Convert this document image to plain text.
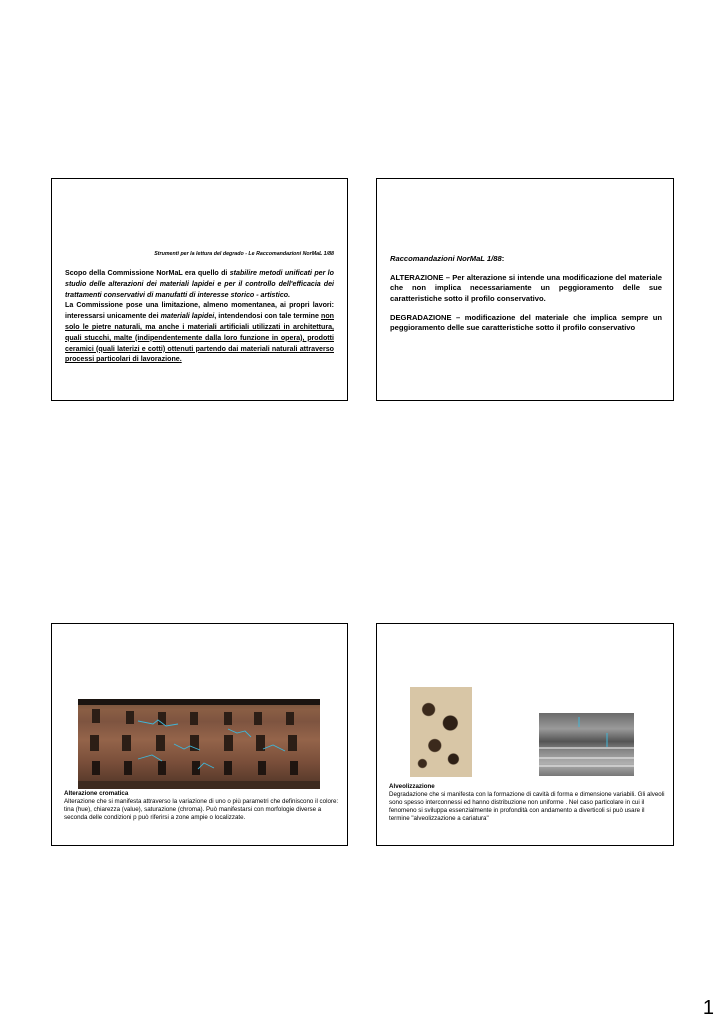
Strumenti per la lettura del degrado - Le Raccomandazioni NorMaL 1/88

Scopo della Commissione NorMaL era quello di stabilire metodi unificati per lo studio delle alterazioni dei materiali lapidei e per il controllo dell'efficacia dei trattamenti conservativi di manufatti di interesse storico - artistico.

La Commissione pose una limitazione, almeno momentanea, ai propri lavori: interessarsi unicamente dei materiali lapidei, intendendosi con tale termine non solo le pietre naturali, ma anche i materiali artificiali utilizzati in architettura, quali stucchi, malte (indipendentemente dalla loro funzione in opera), prodotti ceramici (quali laterizi e cotti) ottenuti partendo dai materiali naturali attraverso processi particolari di lavorazione.

Raccomandazioni NorMaL 1/88:

ALTERAZIONE – Per alterazione si intende una modificazione del materiale che non implica necessariamente un peggioramento delle sue caratteristiche sotto il profilo conservativo.

DEGRADAZIONE – modificazione del materiale che implica sempre un peggioramento delle sue caratteristiche sotto il profilo conservativo

Alterazione cromatica
Alterazione che si manifesta attraverso la variazione di uno o più parametri che definiscono il colore: tina (hue), chiarezza (value), saturazione (chroma). Può manifestarsi con morfologie diverse a seconda delle condizioni p può riferirsi a zone ampie o localizzate.
Alveolizzazione
Degradazione che si manifesta con la formazione di cavità di forma e dimensione variabili. Gli alveoli sono spesso interconnessi ed hanno distribuzione non uniforme . Nel caso particolare in cui il fenomeno si sviluppa essenzialmente in profondità con andamento a diverticoli si può usare il termine "alveolizzazione a cariatura"
1
